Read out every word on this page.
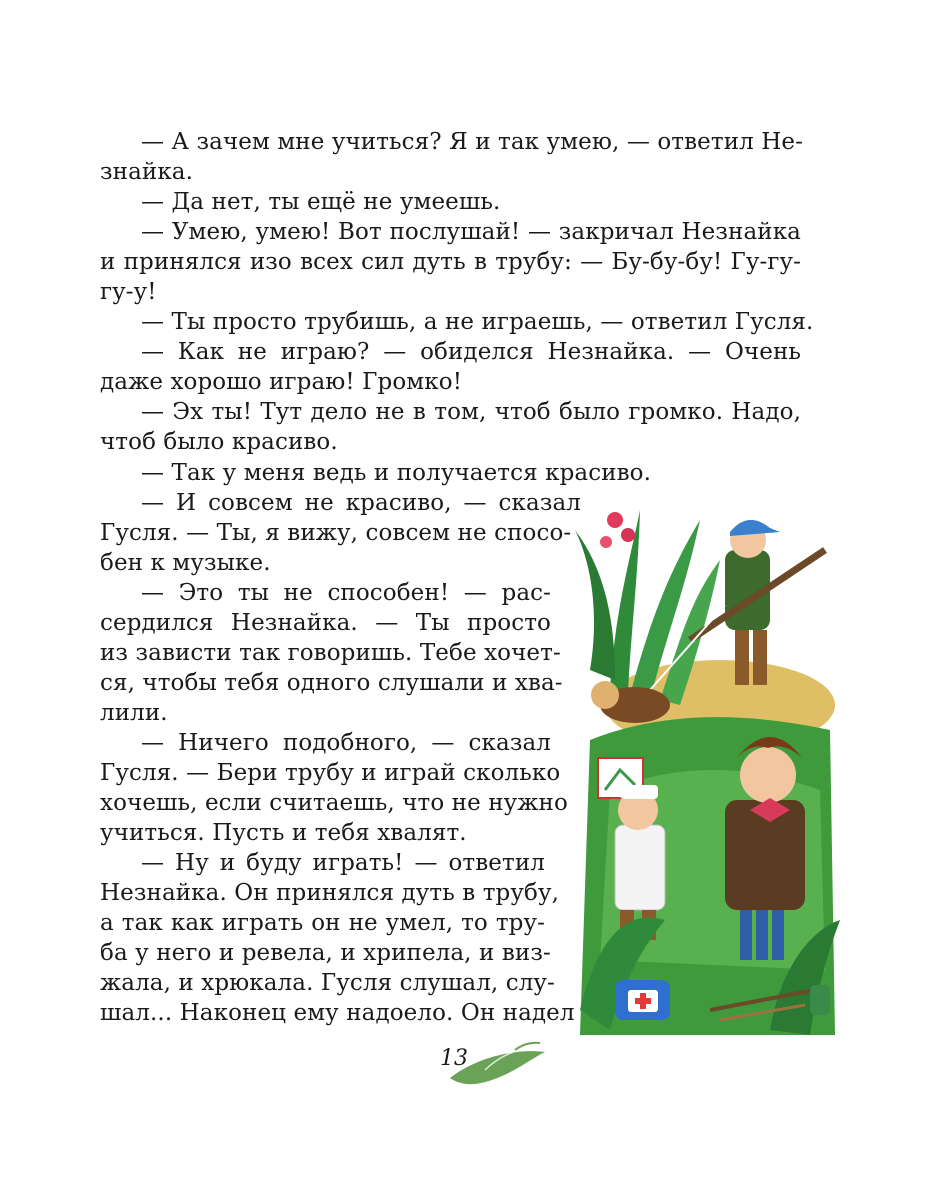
— А зачем мне учиться? Я и так умею, — ответил Не-
знайка.
— Да нет, ты ещё не умеешь.
— Умею, умею! Вот послушай! — закричал Незнайка
и принялся изо всех сил дуть в трубу: — Бу-бу-бу! Гу-гу-
гу-у!
— Ты просто трубишь, а не играешь, — ответил Гусля.
— Как не играю? — обиделся Незнайка. — Очень
даже хорошо играю! Громко!
— Эх ты! Тут дело не в том, чтоб было громко. Надо,
чтоб было красиво.
— Так у меня ведь и получается красиво.
— И совсем не красиво, — сказал
Гусля. — Ты, я вижу, совсем не спосо-
бен к музыке.
— Это ты не способен! — рас-
сердился Незнайка. — Ты просто
из зависти так говоришь. Тебе хочет-
ся, чтобы тебя одного слушали и хва-
лили.
— Ничего подобного, — сказал
Гусля. — Бери трубу и играй сколько
хочешь, если считаешь, что не нужно
учиться. Пусть и тебя хвалят.
— Ну и буду играть! — ответил
Незнайка. Он принялся дуть в трубу,
а так как играть он не умел, то тру-
ба у него и ревела, и хрипела, и виз-
жала, и хрюкала. Гусля слушал, слу-
шал... Наконец ему надоело. Он надел
13
